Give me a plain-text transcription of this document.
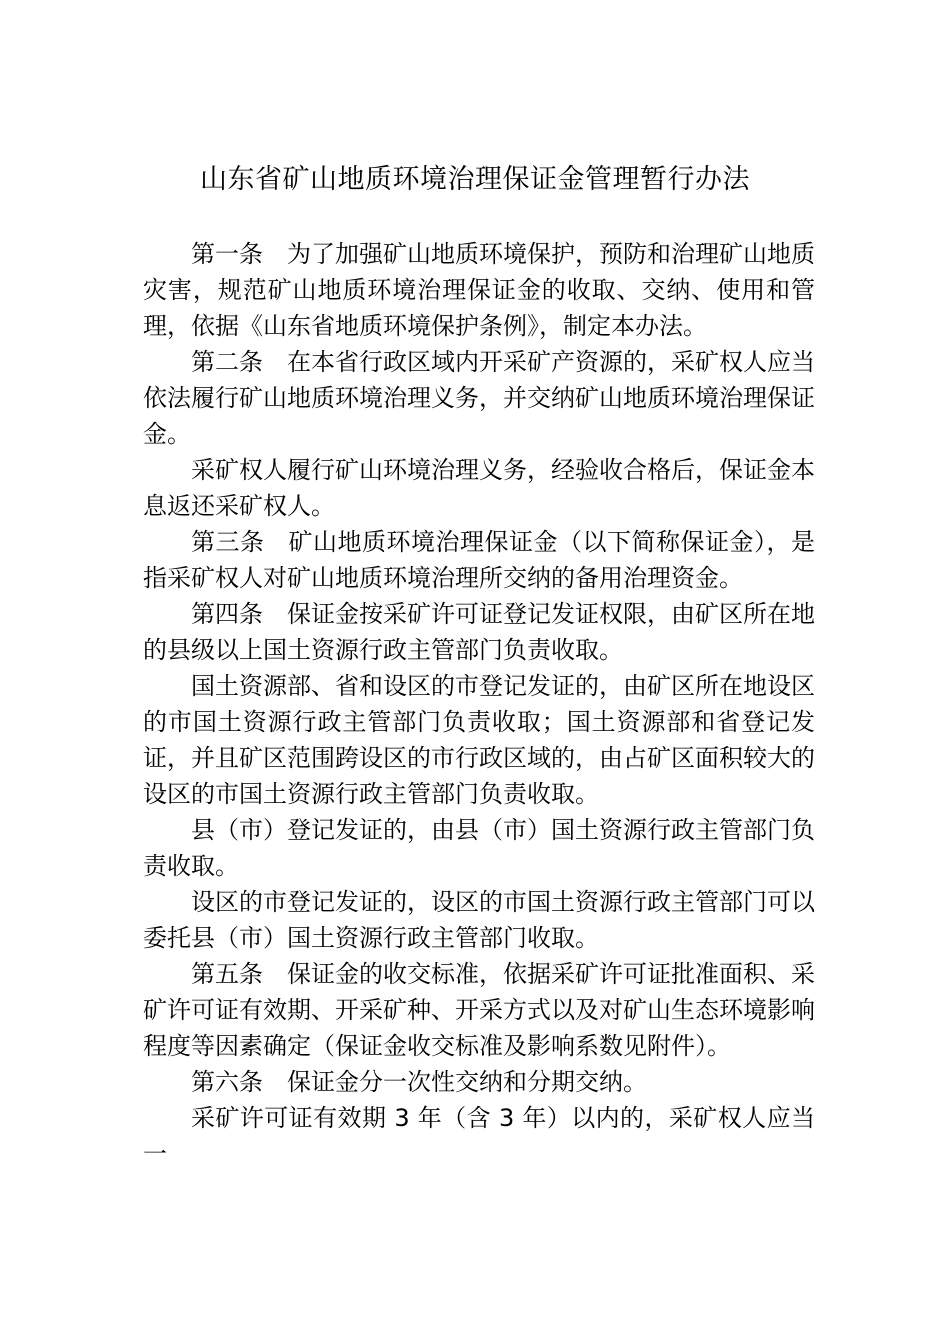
山东省矿山地质环境治理保证金管理暂行办法

第一条 为了加强矿山地质环境保护，预防和治理矿山地质灾害，规范矿山地质环境治理保证金的收取、交纳、使用和管理，依据《山东省地质环境保护条例》，制定本办法。

第二条 在本省行政区域内开采矿产资源的，采矿权人应当依法履行矿山地质环境治理义务，并交纳矿山地质环境治理保证金。

采矿权人履行矿山环境治理义务，经验收合格后，保证金本息返还采矿权人。

第三条 矿山地质环境治理保证金（以下简称保证金），是指采矿权人对矿山地质环境治理所交纳的备用治理资金。

第四条 保证金按采矿许可证登记发证权限，由矿区所在地的县级以上国土资源行政主管部门负责收取。

国土资源部、省和设区的市登记发证的，由矿区所在地设区的市国土资源行政主管部门负责收取；国土资源部和省登记发证，并且矿区范围跨设区的市行政区域的，由占矿区面积较大的设区的市国土资源行政主管部门负责收取。

县（市）登记发证的，由县（市）国土资源行政主管部门负责收取。

设区的市登记发证的，设区的市国土资源行政主管部门可以委托县（市）国土资源行政主管部门收取。

第五条 保证金的收交标准，依据采矿许可证批准面积、采矿许可证有效期、开采矿种、开采方式以及对矿山生态环境影响程度等因素确定（保证金收交标准及影响系数见附件）。

第六条 保证金分一次性交纳和分期交纳。

采矿许可证有效期 3 年（含 3 年）以内的，采矿权人应当一
